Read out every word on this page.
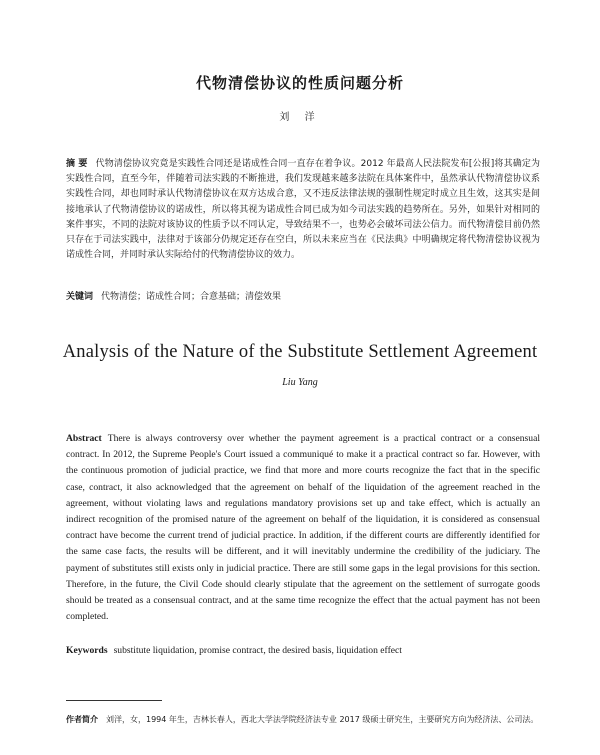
代物清偿协议的性质问题分析
刘 洋
摘 要 代物清偿协议究竟是实践性合同还是诺成性合同一直存在着争议。2012 年最高人民法院发布[公报]将其确定为实践性合同，直至今年，伴随着司法实践的不断推进，我们发现越来越多法院在具体案件中，虽然承认代物清偿协议系实践性合同，却也同时承认代物清偿协议在双方达成合意，又不违反法律法规的强制性规定时成立且生效，这其实是间接地承认了代物清偿协议的诺成性，所以将其视为诺成性合同已成为如今司法实践的趋势所在。另外，如果针对相同的案件事实，不同的法院对该协议的性质予以不同认定，导致结果不一，也势必会破坏司法公信力。而代物清偿目前仍然只存在于司法实践中，法律对于该部分仍规定还存在空白，所以未来应当在《民法典》中明确规定将代物清偿协议视为诺成性合同，并同时承认实际给付的代物清偿协议的效力。
关键词 代物清偿；诺成性合同；合意基础；清偿效果
Analysis of the Nature of the Substitute Settlement Agreement
Liu Yang
Abstract There is always controversy over whether the payment agreement is a practical contract or a consensual contract. In 2012, the Supreme People's Court issued a communiqué to make it a practical contract so far. However, with the continuous promotion of judicial practice, we find that more and more courts recognize the fact that in the specific case, contract, it also acknowledged that the agreement on behalf of the liquidation of the agreement reached in the agreement, without violating laws and regulations mandatory provisions set up and take effect, which is actually an indirect recognition of the promised nature of the agreement on behalf of the liquidation, it is considered as consensual contract have become the current trend of judicial practice. In addition, if the different courts are differently identified for the same case facts, the results will be different, and it will inevitably undermine the credibility of the judiciary. The payment of substitutes still exists only in judicial practice. There are still some gaps in the legal provisions for this section. Therefore, in the future, the Civil Code should clearly stipulate that the agreement on the settlement of surrogate goods should be treated as a consensual contract, and at the same time recognize the effect that the actual payment has not been completed.
Keywords substitute liquidation, promise contract, the desired basis, liquidation effect
作者简介 刘洋，女，1994 年生，吉林长春人，西北大学法学院经济法专业 2017 级硕士研究生，主要研究方向为经济法、公司法。
